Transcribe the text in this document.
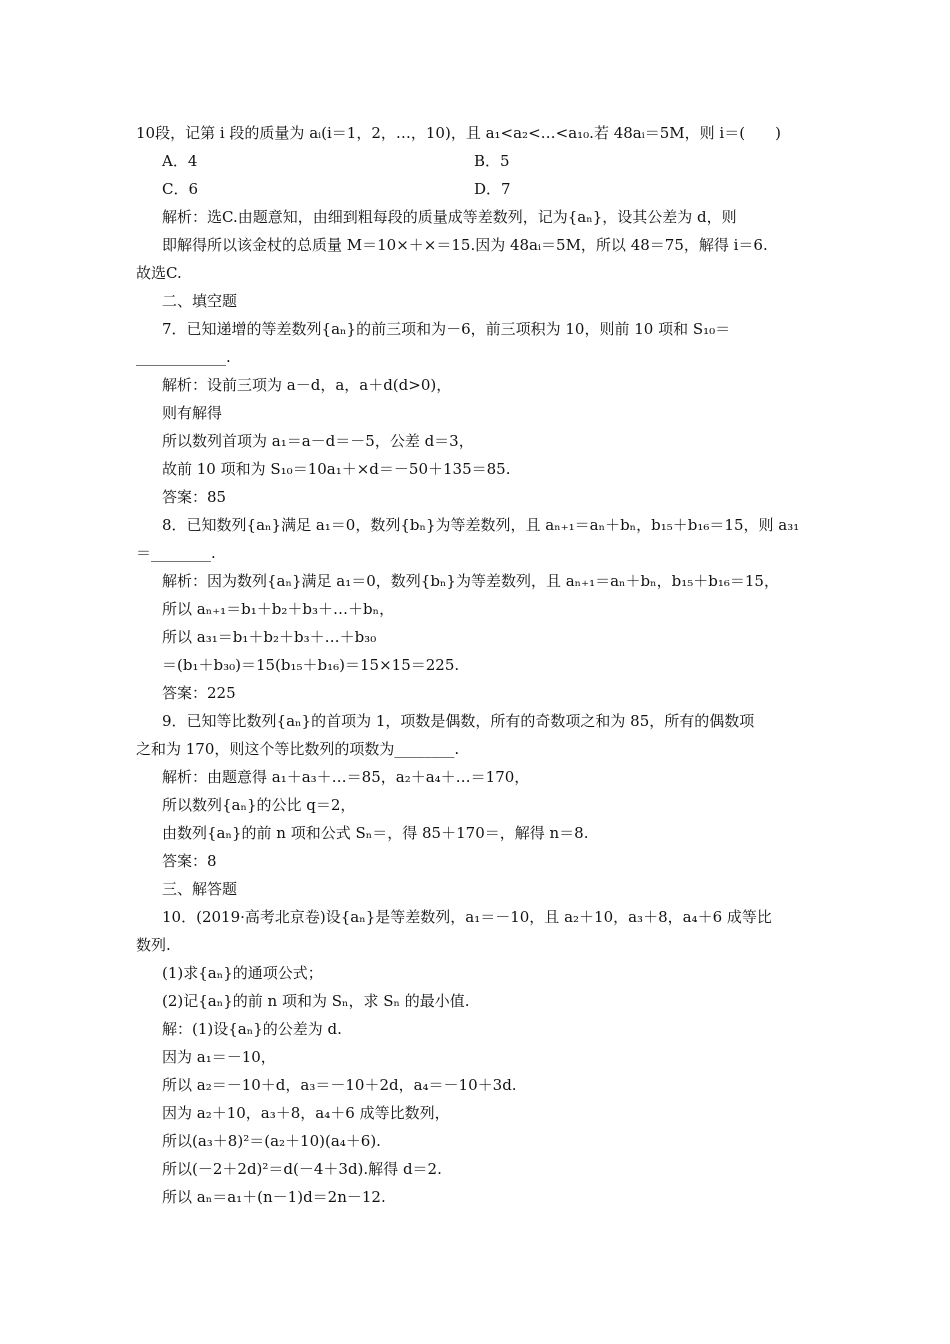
10段，记第 i 段的质量为 aᵢ(i＝1，2，…，10)，且 a₁<a₂<…<a₁₀.若 48aᵢ＝5M，则 i＝(　　)
A．4	B．5
C．6	D．7
解析：选C.由题意知，由细到粗每段的质量成等差数列，记为{aₙ}，设其公差为 d，则
即解得所以该金杖的总质量 M＝10×＋×＝15.因为 48aᵢ＝5M，所以 48＝75，解得 i＝6.
故选C.
二、填空题
7．已知递增的等差数列{aₙ}的前三项和为－6，前三项积为 10，则前 10 项和 S₁₀＝
____________.
解析：设前三项为 a－d，a，a＋d(d>0)，
则有解得
所以数列首项为 a₁＝a－d＝－5，公差 d＝3，
故前 10 项和为 S₁₀＝10a₁＋×d＝－50＋135＝85.
答案：85
8．已知数列{aₙ}满足 a₁＝0，数列{bₙ}为等差数列，且 aₙ₊₁＝aₙ＋bₙ，b₁₅＋b₁₆＝15，则 a₃₁
＝________.
解析：因为数列{aₙ}满足 a₁＝0，数列{bₙ}为等差数列，且 aₙ₊₁＝aₙ＋bₙ，b₁₅＋b₁₆＝15，
所以 aₙ₊₁＝b₁＋b₂＋b₃＋…＋bₙ，
所以 a₃₁＝b₁＋b₂＋b₃＋…＋b₃₀
＝(b₁＋b₃₀)＝15(b₁₅＋b₁₆)＝15×15＝225.
答案：225
9．已知等比数列{aₙ}的首项为 1，项数是偶数，所有的奇数项之和为 85，所有的偶数项
之和为 170，则这个等比数列的项数为________.
解析：由题意得 a₁＋a₃＋…＝85，a₂＋a₄＋…＝170，
所以数列{aₙ}的公比 q＝2，
由数列{aₙ}的前 n 项和公式 Sₙ＝，得 85＋170＝，解得 n＝8.
答案：8
三、解答题
10．(2019·高考北京卷)设{aₙ}是等差数列，a₁＝－10，且 a₂＋10，a₃＋8，a₄＋6 成等比
数列.
(1)求{aₙ}的通项公式；
(2)记{aₙ}的前 n 项和为 Sₙ，求 Sₙ 的最小值.
解：(1)设{aₙ}的公差为 d.
因为 a₁＝－10，
所以 a₂＝－10＋d，a₃＝－10＋2d，a₄＝－10＋3d.
因为 a₂＋10，a₃＋8，a₄＋6 成等比数列，
所以(a₃＋8)²＝(a₂＋10)(a₄＋6).
所以(－2＋2d)²＝d(－4＋3d).解得 d＝2.
所以 aₙ＝a₁＋(n－1)d＝2n－12.
